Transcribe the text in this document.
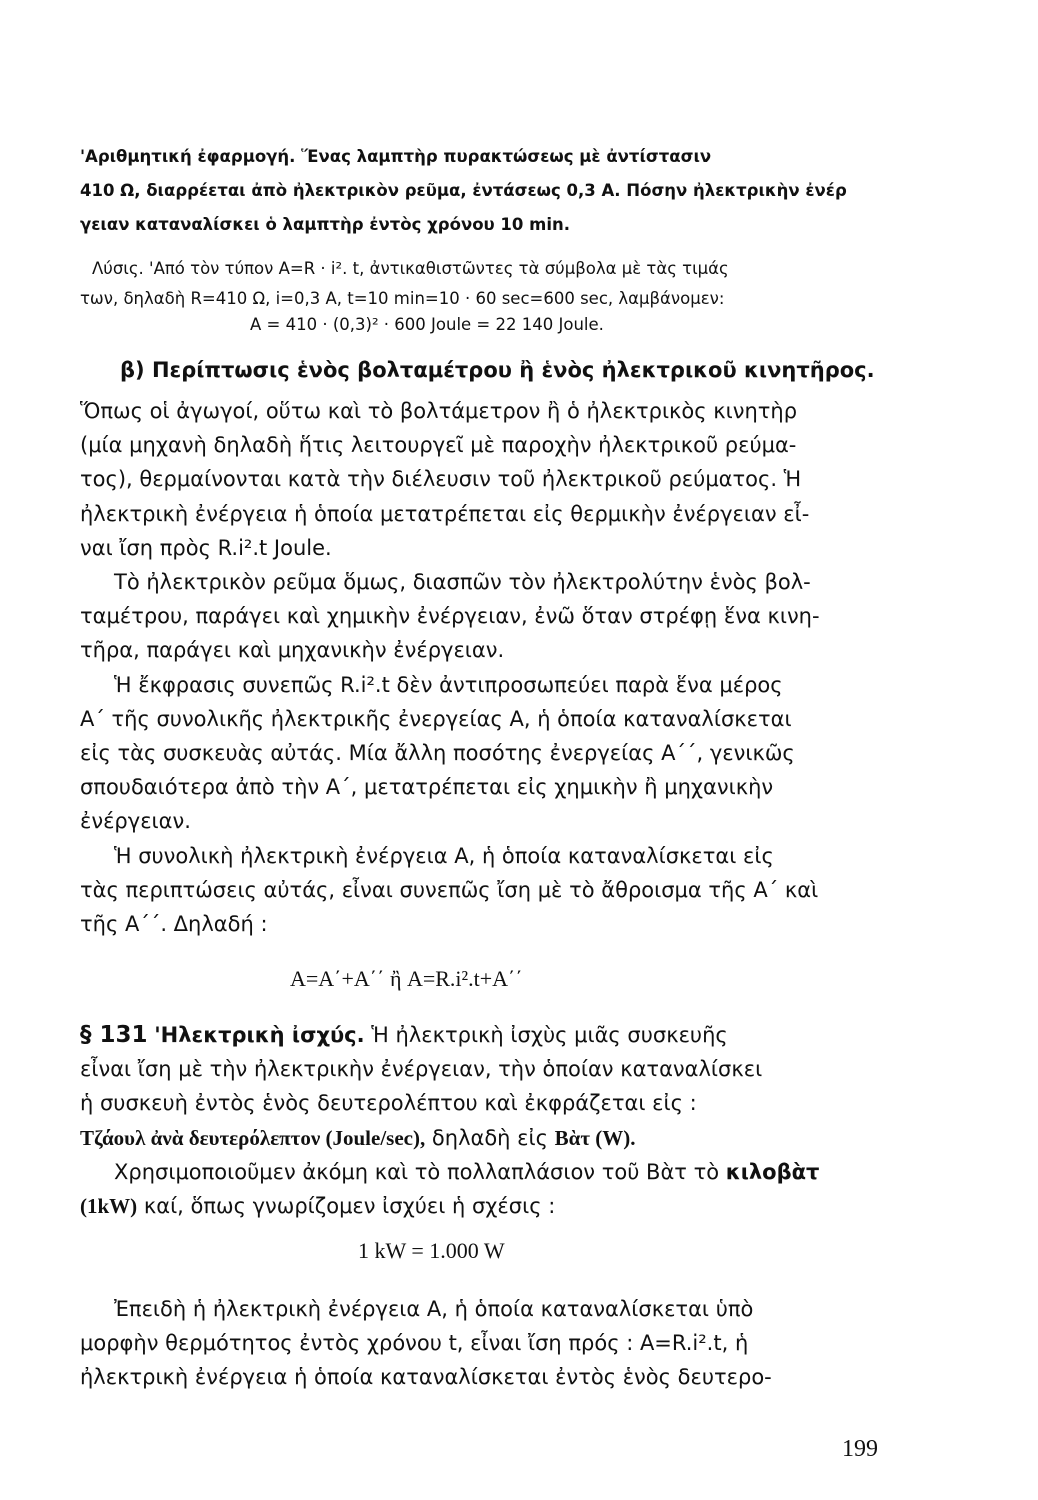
'Αριθμητική ἐφαρμογή. Ἕνας λαμπτὴρ πυρακτώσεως μὲ ἀντίστασιν
410 Ω, διαρρέεται ἀπὸ ἠλεκτρικὸν ρεῦμα, ἐντάσεως 0,3 Α. Πόσην ἠλεκτρικὴν ἐνέρ
γειαν καταναλίσκει ὁ λαμπτὴρ ἐντὸς χρόνου 10 min.
Λύσις. 'Από τὸν τύπον A=R · i². t, ἀντικαθιστῶντες τὰ σύμβολα μὲ τὰς τιμάς
των, δηλαδὴ R=410 Ω, i=0,3 A, t=10 min=10 · 60 sec=600 sec, λαμβάνομεν:
A = 410 · (0,3)² · 600 Joule = 22 140 Joule.
β) Περίπτωσις ἑνὸς βολταμέτρου ἢ ἑνὸς ἠλεκτρικοῦ κινητῆρος.
Ὅπως οἱ ἀγωγοί, οὕτω καὶ τὸ βολτάμετρον ἢ ὁ ἠλεκτρικὸς κινητὴρ
(μία μηχανὴ δηλαδὴ ἥτις λειτουργεῖ μὲ παροχὴν ἠλεκτρικοῦ ρεύμα-
τος), θερμαίνονται κατὰ τὴν διέλευσιν τοῦ ἠλεκτρικοῦ ρεύματος. Ἡ
ἠλεκτρικὴ ἐνέργεια ἡ ὁποία μετατρέπεται εἰς θερμικὴν ἐνέργειαν εἶ-
ναι ἴση πρὸς R.i².t Joule.
Τὸ ἠλεκτρικὸν ρεῦμα ὅμως, διασπῶν τὸν ἠλεκτρολύτην ἑνὸς βολ-
ταμέτρου, παράγει καὶ χημικὴν ἐνέργειαν, ἐνῶ ὅταν στρέφῃ ἕνα κινη-
τῆρα, παράγει καὶ μηχανικὴν ἐνέργειαν.
Ἡ ἔκφρασις συνεπῶς R.i².t δὲν ἀντιπροσωπεύει παρὰ ἕνα μέρος
Α΄ τῆς συνολικῆς ἠλεκτρικῆς ἐνεργείας Α, ἡ ὁποία καταναλίσκεται
εἰς τὰς συσκευὰς αὐτάς. Μία ἄλλη ποσότης ἐνεργείας Α΄΄, γενικῶς
σπουδαιότερα ἀπὸ τὴν Α΄, μετατρέπεται εἰς χημικὴν ἢ μηχανικὴν
ἐνέργειαν.
Ἡ συνολικὴ ἠλεκτρικὴ ἐνέργεια Α, ἡ ὁποία καταναλίσκεται εἰς
τὰς περιπτώσεις αὐτάς, εἶναι συνεπῶς ἴση μὲ τὸ ἄθροισμα τῆς Α΄ καὶ
τῆς Α΄΄. Δηλαδή :
A=A΄+A΄΄ ἢ A=R.i².t+A΄΄
§ 131 'Ηλεκτρικὴ ἰσχύς. Ἡ ἠλεκτρικὴ ἰσχὺς μιᾶς συσκευῆς
εἶναι ἴση μὲ τὴν ἠλεκτρικὴν ἐνέργειαν, τὴν ὁποίαν καταναλίσκει
ἡ συσκευὴ ἐντὸς ἑνὸς δευτερολέπτου καὶ ἐκφράζεται εἰς :
Τζάουλ ἀνὰ δευτερόλεπτον (Joule/sec), δηλαδὴ εἰς Βὰτ (W).
Χρησιμοποιοῦμεν ἀκόμη καὶ τὸ πολλαπλάσιον τοῦ Βὰτ τὸ κιλοβὰτ
(1kW) καί, ὅπως γνωρίζομεν ἰσχύει ἡ σχέσις :
1 kW = 1.000 W
Ἐπειδὴ ἡ ἠλεκτρικὴ ἐνέργεια Α, ἡ ὁποία καταναλίσκεται ὑπὸ
μορφὴν θερμότητος ἐντὸς χρόνου t, εἶναι ἴση πρός : A=R.i².t, ἡ
ἠλεκτρικὴ ἐνέργεια ἡ ὁποία καταναλίσκεται ἐντὸς ἑνὸς δευτερο-
199
